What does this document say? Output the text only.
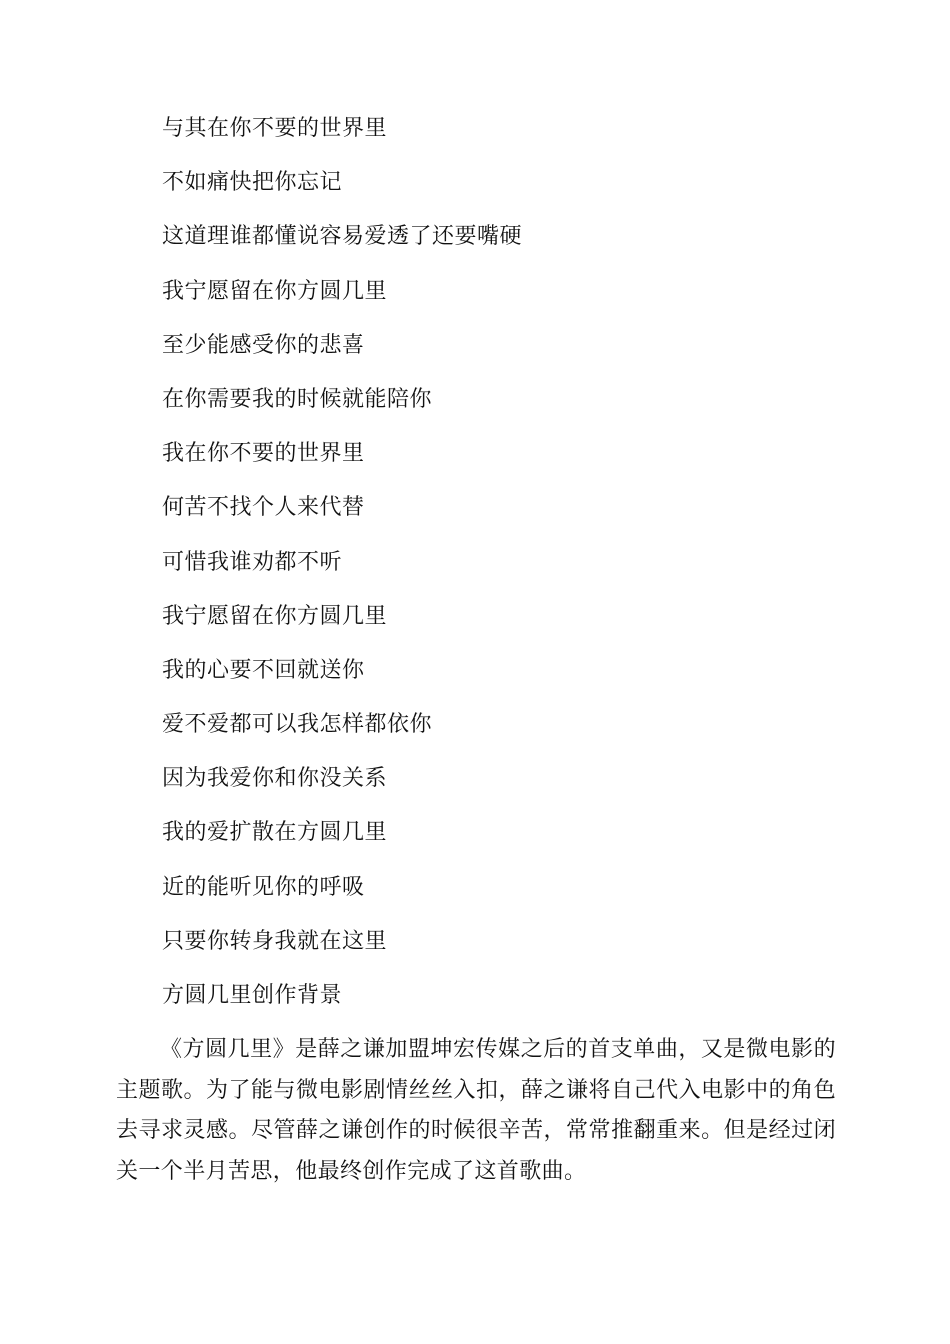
与其在你不要的世界里
不如痛快把你忘记
这道理谁都懂说容易爱透了还要嘴硬
我宁愿留在你方圆几里
至少能感受你的悲喜
在你需要我的时候就能陪你
我在你不要的世界里
何苦不找个人来代替
可惜我谁劝都不听
我宁愿留在你方圆几里
我的心要不回就送你
爱不爱都可以我怎样都依你
因为我爱你和你没关系
我的爱扩散在方圆几里
近的能听见你的呼吸
只要你转身我就在这里
方圆几里创作背景

《方圆几里》是薛之谦加盟坤宏传媒之后的首支单曲，又是微电影的主题歌。为了能与微电影剧情丝丝入扣，薛之谦将自己代入电影中的角色去寻求灵感。尽管薛之谦创作的时候很辛苦，常常推翻重来。但是经过闭关一个半月苦思，他最终创作完成了这首歌曲。
